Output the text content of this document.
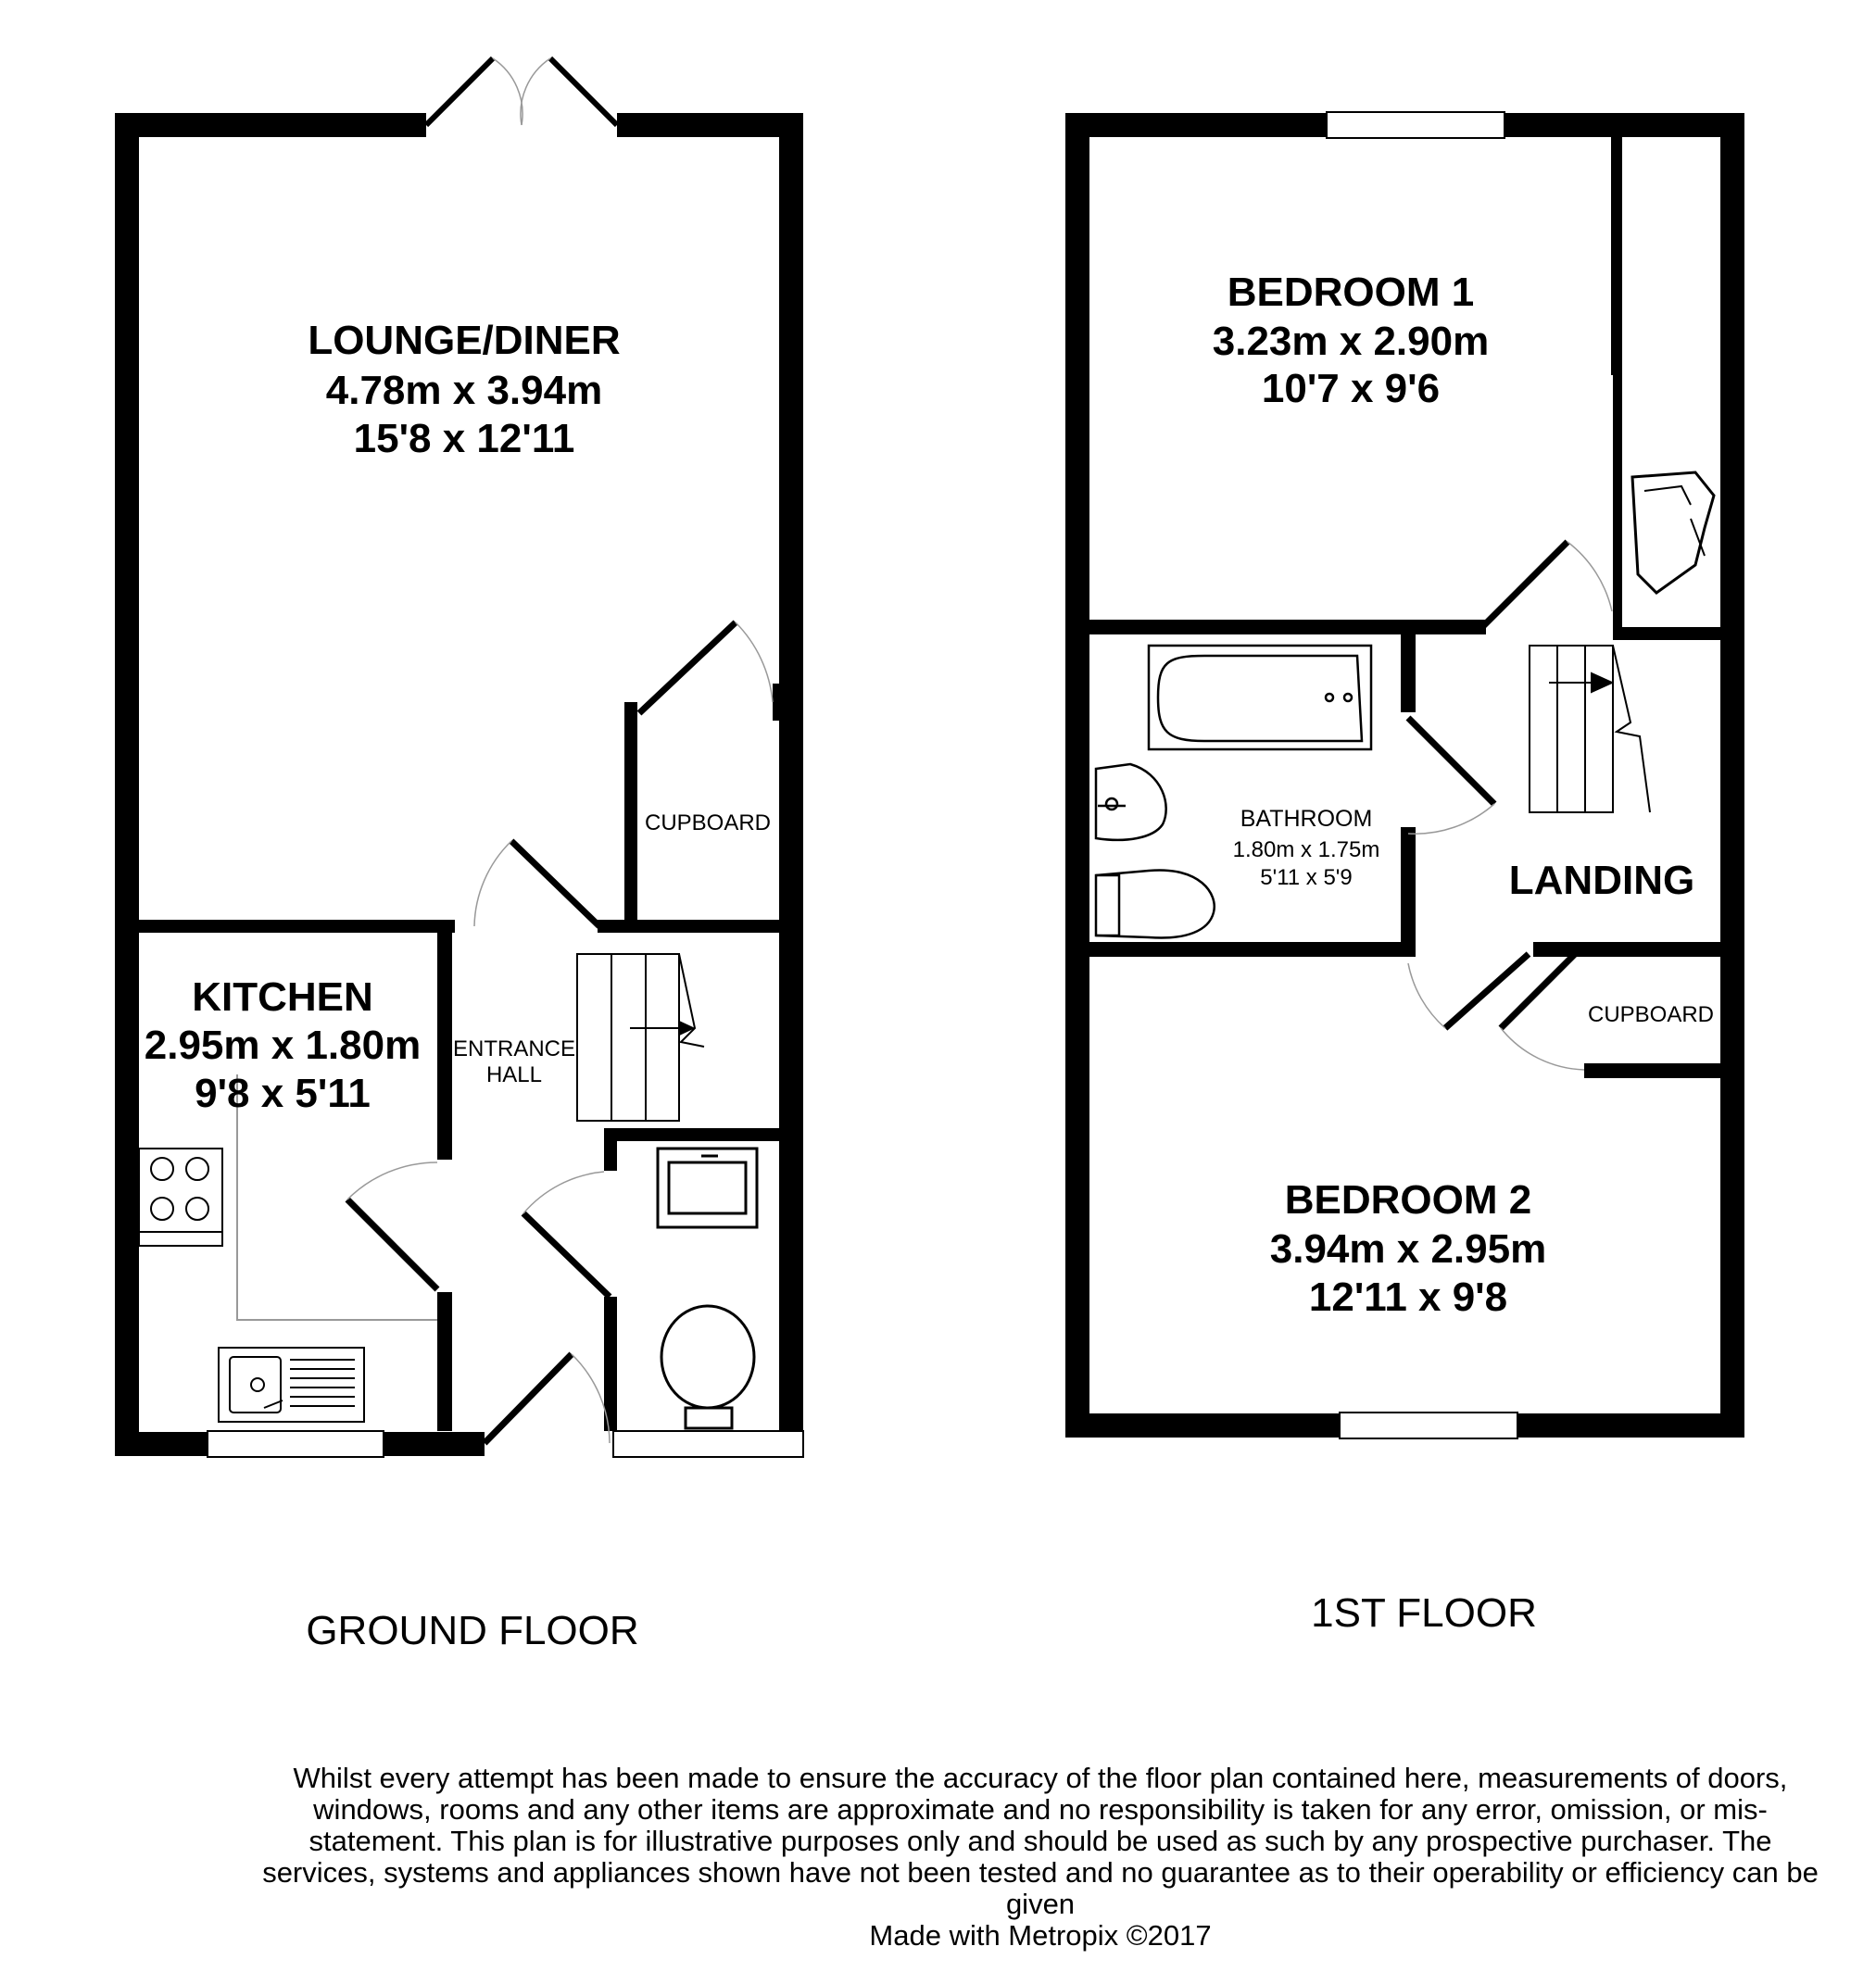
LOUNGE/DINER
4.78m x 3.94m
15'8 x 12'11
CUPBOARD
KITCHEN
2.95m x 1.80m
9'8 x 5'11
ENTRANCE
HALL
BEDROOM 1
3.23m x 2.90m
10'7 x 9'6
BATHROOM
1.80m x 1.75m
5'11 x 5'9	LANDING
CUPBOARD
BEDROOM 2
3.94m x 2.95m
12'11 x 9'8
GROUND FLOOR	1ST FLOOR
Whilst every attempt has been made to ensure the accuracy of the floor plan contained here, measurements of doors, windows, rooms and any other items are approximate and no responsibility is taken for any error, omission, or mis-statement. This plan is for illustrative purposes only and should be used as such by any prospective purchaser. The services, systems and appliances shown have not been tested and no guarantee as to their operability or efficiency can be given
Made with Metropix ©2017
